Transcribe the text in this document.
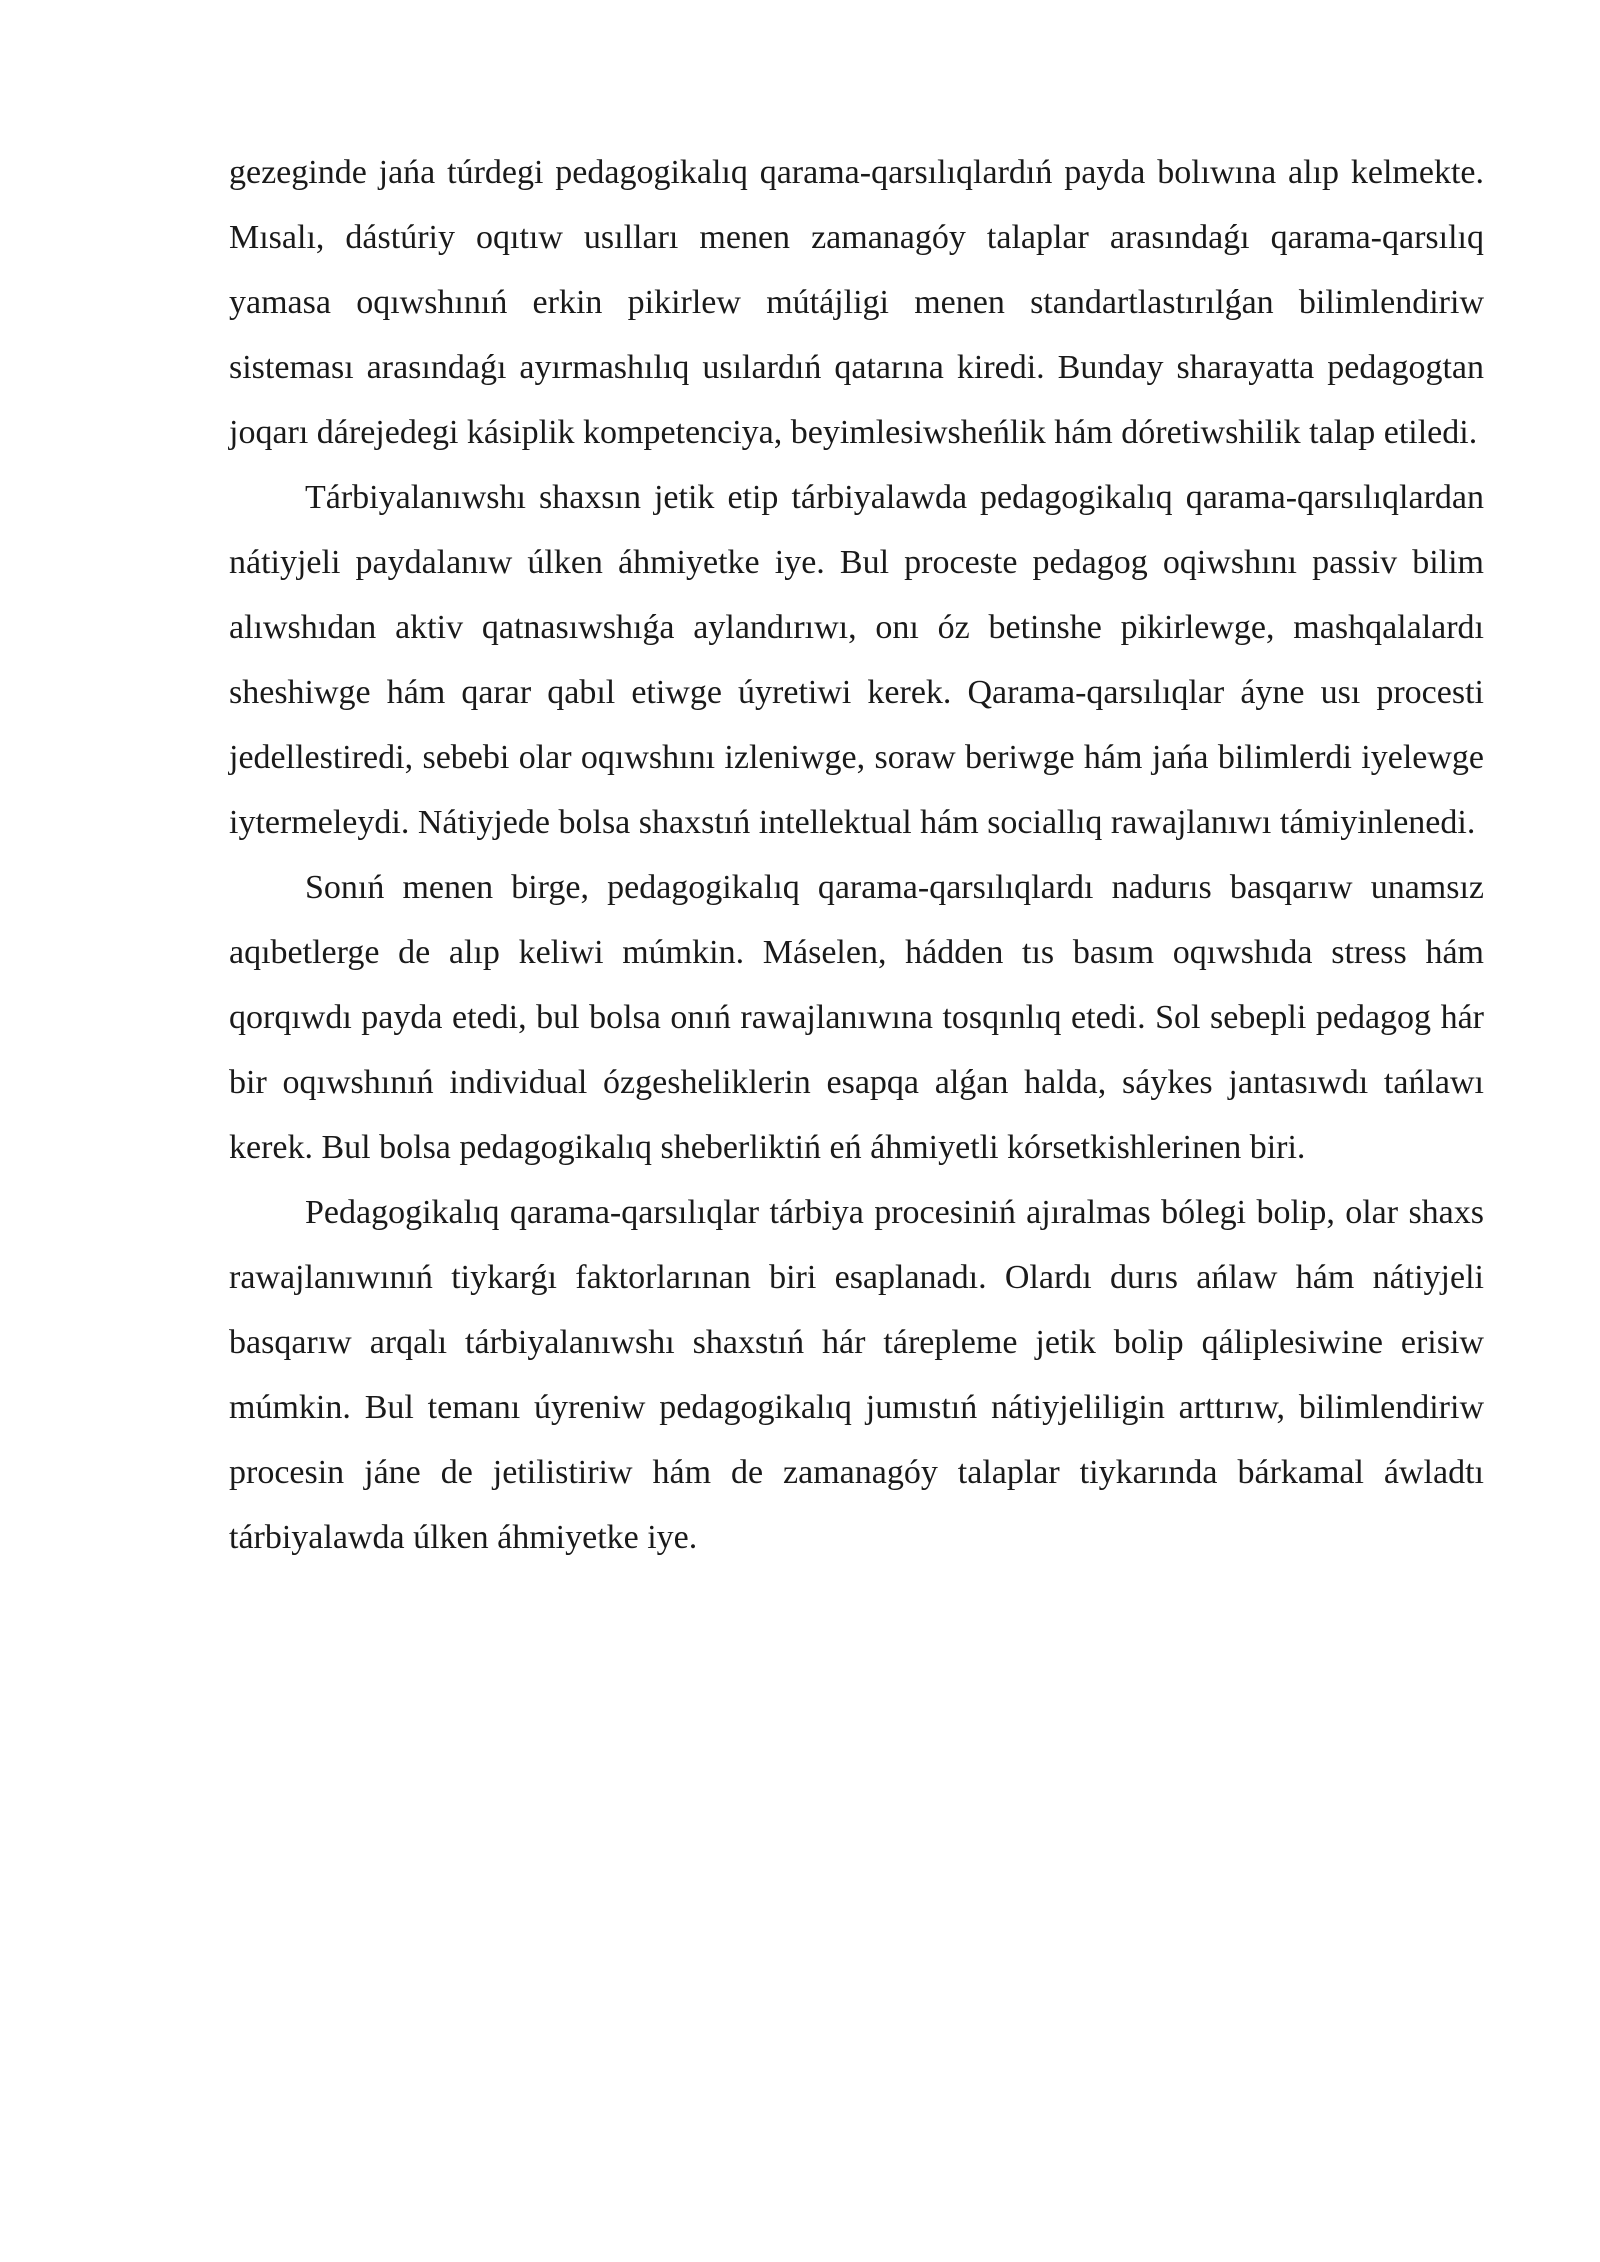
gezeginde jańa túrdegi pedagogikalıq qarama-qarsılıqlardıń payda bolıwına alıp kelmekte. Mısalı, dástúriy oqıtıw usılları menen zamanagóy talaplar arasındaǵı qarama-qarsılıq yamasa oqıwshınıń erkin pikirlew mútájligi menen standartlastırılǵan bilimlendiriw sisteması arasındaǵı ayırmashılıq usılardıń qatarına kiredi. Bunday sharayatta pedagogtan joqarı dárejedegi kásiplik kompetenciya, beyimlesiwsheńlik hám dóretiwshilik talap etiledi.

Tárbiyalanıwshı shaxsın jetik etip tárbiyalawda pedagogikalıq qarama-qarsılıqlardan nátiyjeli paydalanıw úlken áhmiyetke iye. Bul proceste pedagog oqiwshını passiv bilim alıwshıdan aktiv qatnasıwshıǵa aylandırıwı, onı óz betinshe pikirlewge, mashqalalardı sheshiwge hám qarar qabıl etiwge úyretiwi kerek. Qarama-qarsılıqlar áyne usı procesti jedellestiredi, sebebi olar oqıwshını izleniwge, soraw beriwge hám jańa bilimlerdi iyelewge iytermeleydi. Nátiyjede bolsa shaxstıń intellektual hám sociallıq rawajlanıwı támiyinlenedi.

Sonıń menen birge, pedagogikalıq qarama-qarsılıqlardı nadurıs basqarıw unamsız aqıbetlerge de alıp keliwi múmkin. Máselen, hádden tıs basım oqıwshıda stress hám qorqıwdı payda etedi, bul bolsa onıń rawajlanıwına tosqınlıq etedi. Sol sebepli pedagog hár bir oqıwshınıń individual ózgesheliklerin esapqa alǵan halda, sáykes jantasıwdı tańlawı kerek. Bul bolsa pedagogikalıq sheberliktiń eń áhmiyetli kórsetkishlerinen biri.

Pedagogikalıq qarama-qarsılıqlar tárbiya procesiniń ajıralmas bólegi bolip, olar shaxs rawajlanıwınıń tiykarǵı faktorlarınan biri esaplanadı. Olardı durıs ańlaw hám nátiyjeli basqarıw arqalı tárbiyalanıwshı shaxstıń hár tárepleme jetik bolip qáliplesiwine erisiw múmkin. Bul temanı úyreniw pedagogikalıq jumıstıń nátiyjeliligin arttırıw, bilimlendiriw procesin jáne de jetilistiriw hám de zamanagóy talaplar tiykarında bárkamal áwladtı tárbiyalawda úlken áhmiyetke iye.
